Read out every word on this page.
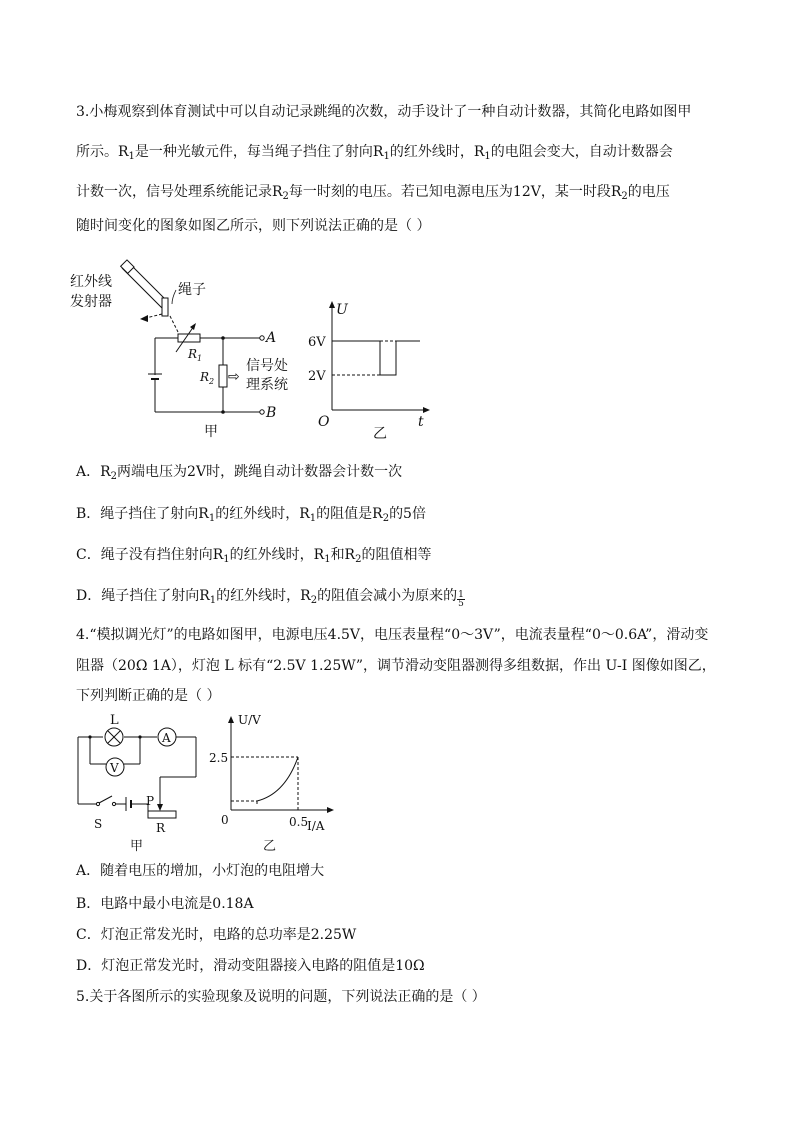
3.小梅观察到体育测试中可以自动记录跳绳的次数，动手设计了一种自动计数器，其简化电路如图甲
所示。$R_1$是一种光敏元件，每当绳子挡住了射向$R_1$的红外线时，$R_1$的电阻会变大，自动计数器会
计数一次，信号处理系统能记录$R_2$每一时刻的电压。若已知电源电压为12V，某一时段$R_2$的电压
随时间变化的图象如图乙所示，则下列说法正确的是（ ）
红外线
发射器
绳子
$R_1$
$R_2$ ⇨
信号处
理系统
A
B
甲
U
t
O
6V
2V
乙
A．$R_2$两端电压为2V时，跳绳自动计数器会计数一次
B．绳子挡住了射向$R_1$的红外线时，$R_1$的阻值是$R_2$的5倍
C．绳子没有挡住射向$R_1$的红外线时，$R_1$和$R_2$的阻值相等
D．绳子挡住了射向$R_1$的红外线时，$R_2$的阻值会减小为原来的 $\frac{1}{5}$
4.“模拟调光灯”的电路如图甲，电源电压4.5V，电压表量程“0～3V”，电流表量程“0～0.6A”，滑动变
阻器（20Ω 1A），灯泡 L 标有“2.5V 1.25W”，调节滑动变阻器测得多组数据，作出 U-I 图像如图乙，
下列判断正确的是（ ）
L
V
A
P
S	R
甲
U/V
I/A
0
2.5
0.5
乙
A．随着电压的增加，小灯泡的电阻增大
B．电路中最小电流是0.18A
C．灯泡正常发光时，电路的总功率是2.25W
D．灯泡正常发光时，滑动变阻器接入电路的阻值是10Ω
5.关于各图所示的实验现象及说明的问题，下列说法正确的是（ ）
